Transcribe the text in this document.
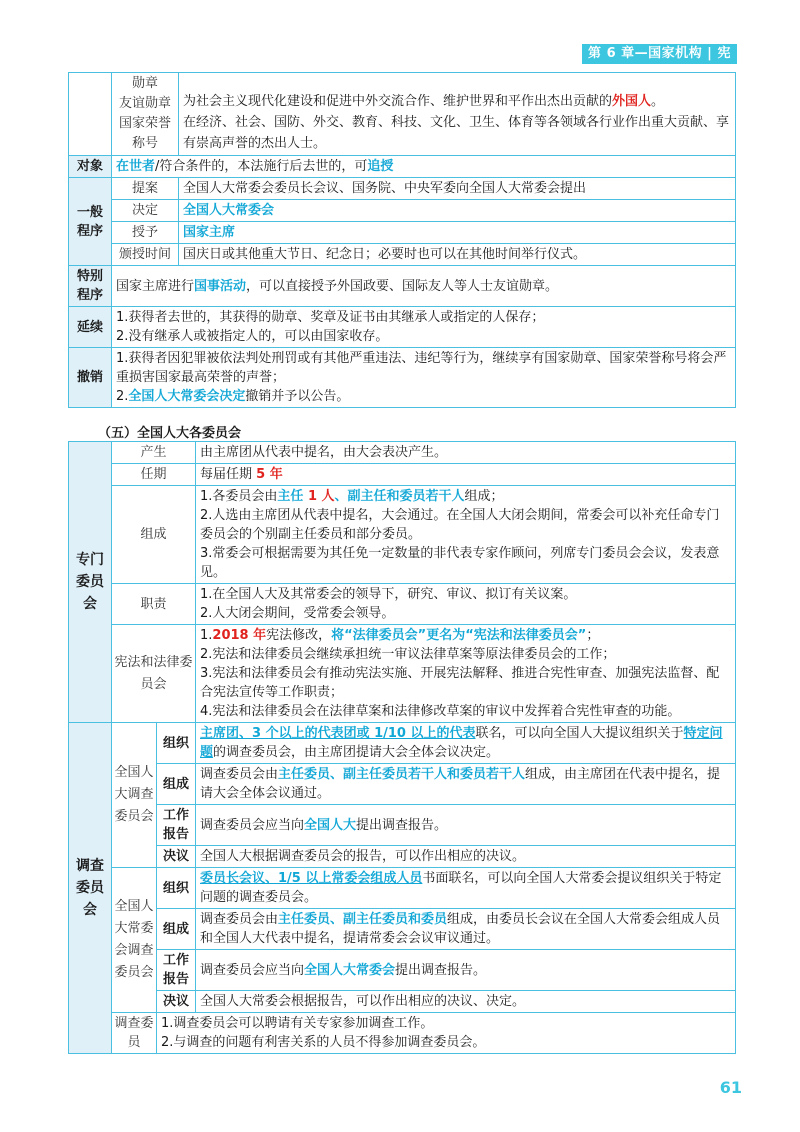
第 6 章—国家机构 | 宪法

	勋章
友谊勋章
国家荣誉称号	为社会主义现代化建设和促进中外交流合作、维护世界和平作出杰出贡献的外国人。
在经济、社会、国防、外交、教育、科技、文化、卫生、体育等各领域各行业作出重大贡献、享有崇高声誉的杰出人士。
对象	在世者/符合条件的，本法施行后去世的，可追授	
一般程序	提案	全国人大常委会委员长会议、国务院、中央军委向全国人大常委会提出
	决定	全国人大常委会
	授予	国家主席
	颁授时间	国庆日或其他重大节日、纪念日；必要时也可以在其他时间举行仪式。
特别程序	国家主席进行国事活动，可以直接授予外国政要、国际友人等人士友谊勋章。	
延续	1.获得者去世的，其获得的勋章、奖章及证书由其继承人或指定的人保存；
2.没有继承人或被指定人的，可以由国家收存。	

撤销	1.获得者因犯罪被依法判处刑罚或有其他严重违法、违纪等行为，继续享有国家勋章、国家荣誉称号将会严重损害国家最高荣誉的声誉；
2.全国人大常委会决定撤销并予以公告。	
（五）全国人大各委员会
专门委员会	产生		由主席团从代表中提名，由大会表决产生。
	任期		每届任期 5 年
	组成		1.各委员会由主任 1 人、副主任和委员若干人组成；
2.人选由主席团从代表中提名，大会通过。在全国人大闭会期间，常委会可以补充任命专门委员会的个别副主任委员和部分委员。
3.常委会可根据需要为其任免一定数量的非代表专家作顾问，列席专门委员会会议，发表意见。

	职责		1.在全国人大及其常委会的领导下，研究、审议、拟订有关议案。
2.人大闭会期间，受常委会领导。

	宪法和法律委员会		1.2018 年宪法修改，将“法律委员会”更名为“宪法和法律委员会”；
2.宪法和法律委员会继续承担统一审议法律草案等原法律委员会的工作；
3.宪法和法律委员会有推动宪法实施、开展宪法解释、推进合宪性审查、加强宪法监督、配合宪法宣传等工作职责；
4.宪法和法律委员会在法律草案和法律修改草案的审议中发挥着合宪性审查的功能。

调查委员会	全国人大调查委员会	组织	主席团、3 个以上的代表团或 1/10 以上的代表联名，可以向全国人大提议组织关于特定问题的调查委员会，由主席团提请大会全体会议决定。
		组成	调查委员会由主任委员、副主任委员若干人和委员若干人组成，由主席团在代表中提名，提请大会全体会议通过。
		工作报告	调查委员会应当向全国人大提出调查报告。
		决议	全国人大根据调查委员会的报告，可以作出相应的决议。
	全国人大常委会调查委员会	组织	委员长会议、1/5 以上常委会组成人员书面联名，可以向全国人大常委会提议组织关于特定问题的调查委员会。
		组成	调查委员会由主任委员、副主任委员和委员组成，由委员长会议在全国人大常委会组成人员和全国人大代表中提名，提请常委会会议审议通过。
		工作报告	调查委员会应当向全国人大常委会提出调查报告。
		决议	全国人大常委会根据报告，可以作出相应的决议、决定。
	调查委员	1.调查委员会可以聘请有关专家参加调查工作。
2.与调查的问题有利害关系的人员不得参加调查委员会。	
61
